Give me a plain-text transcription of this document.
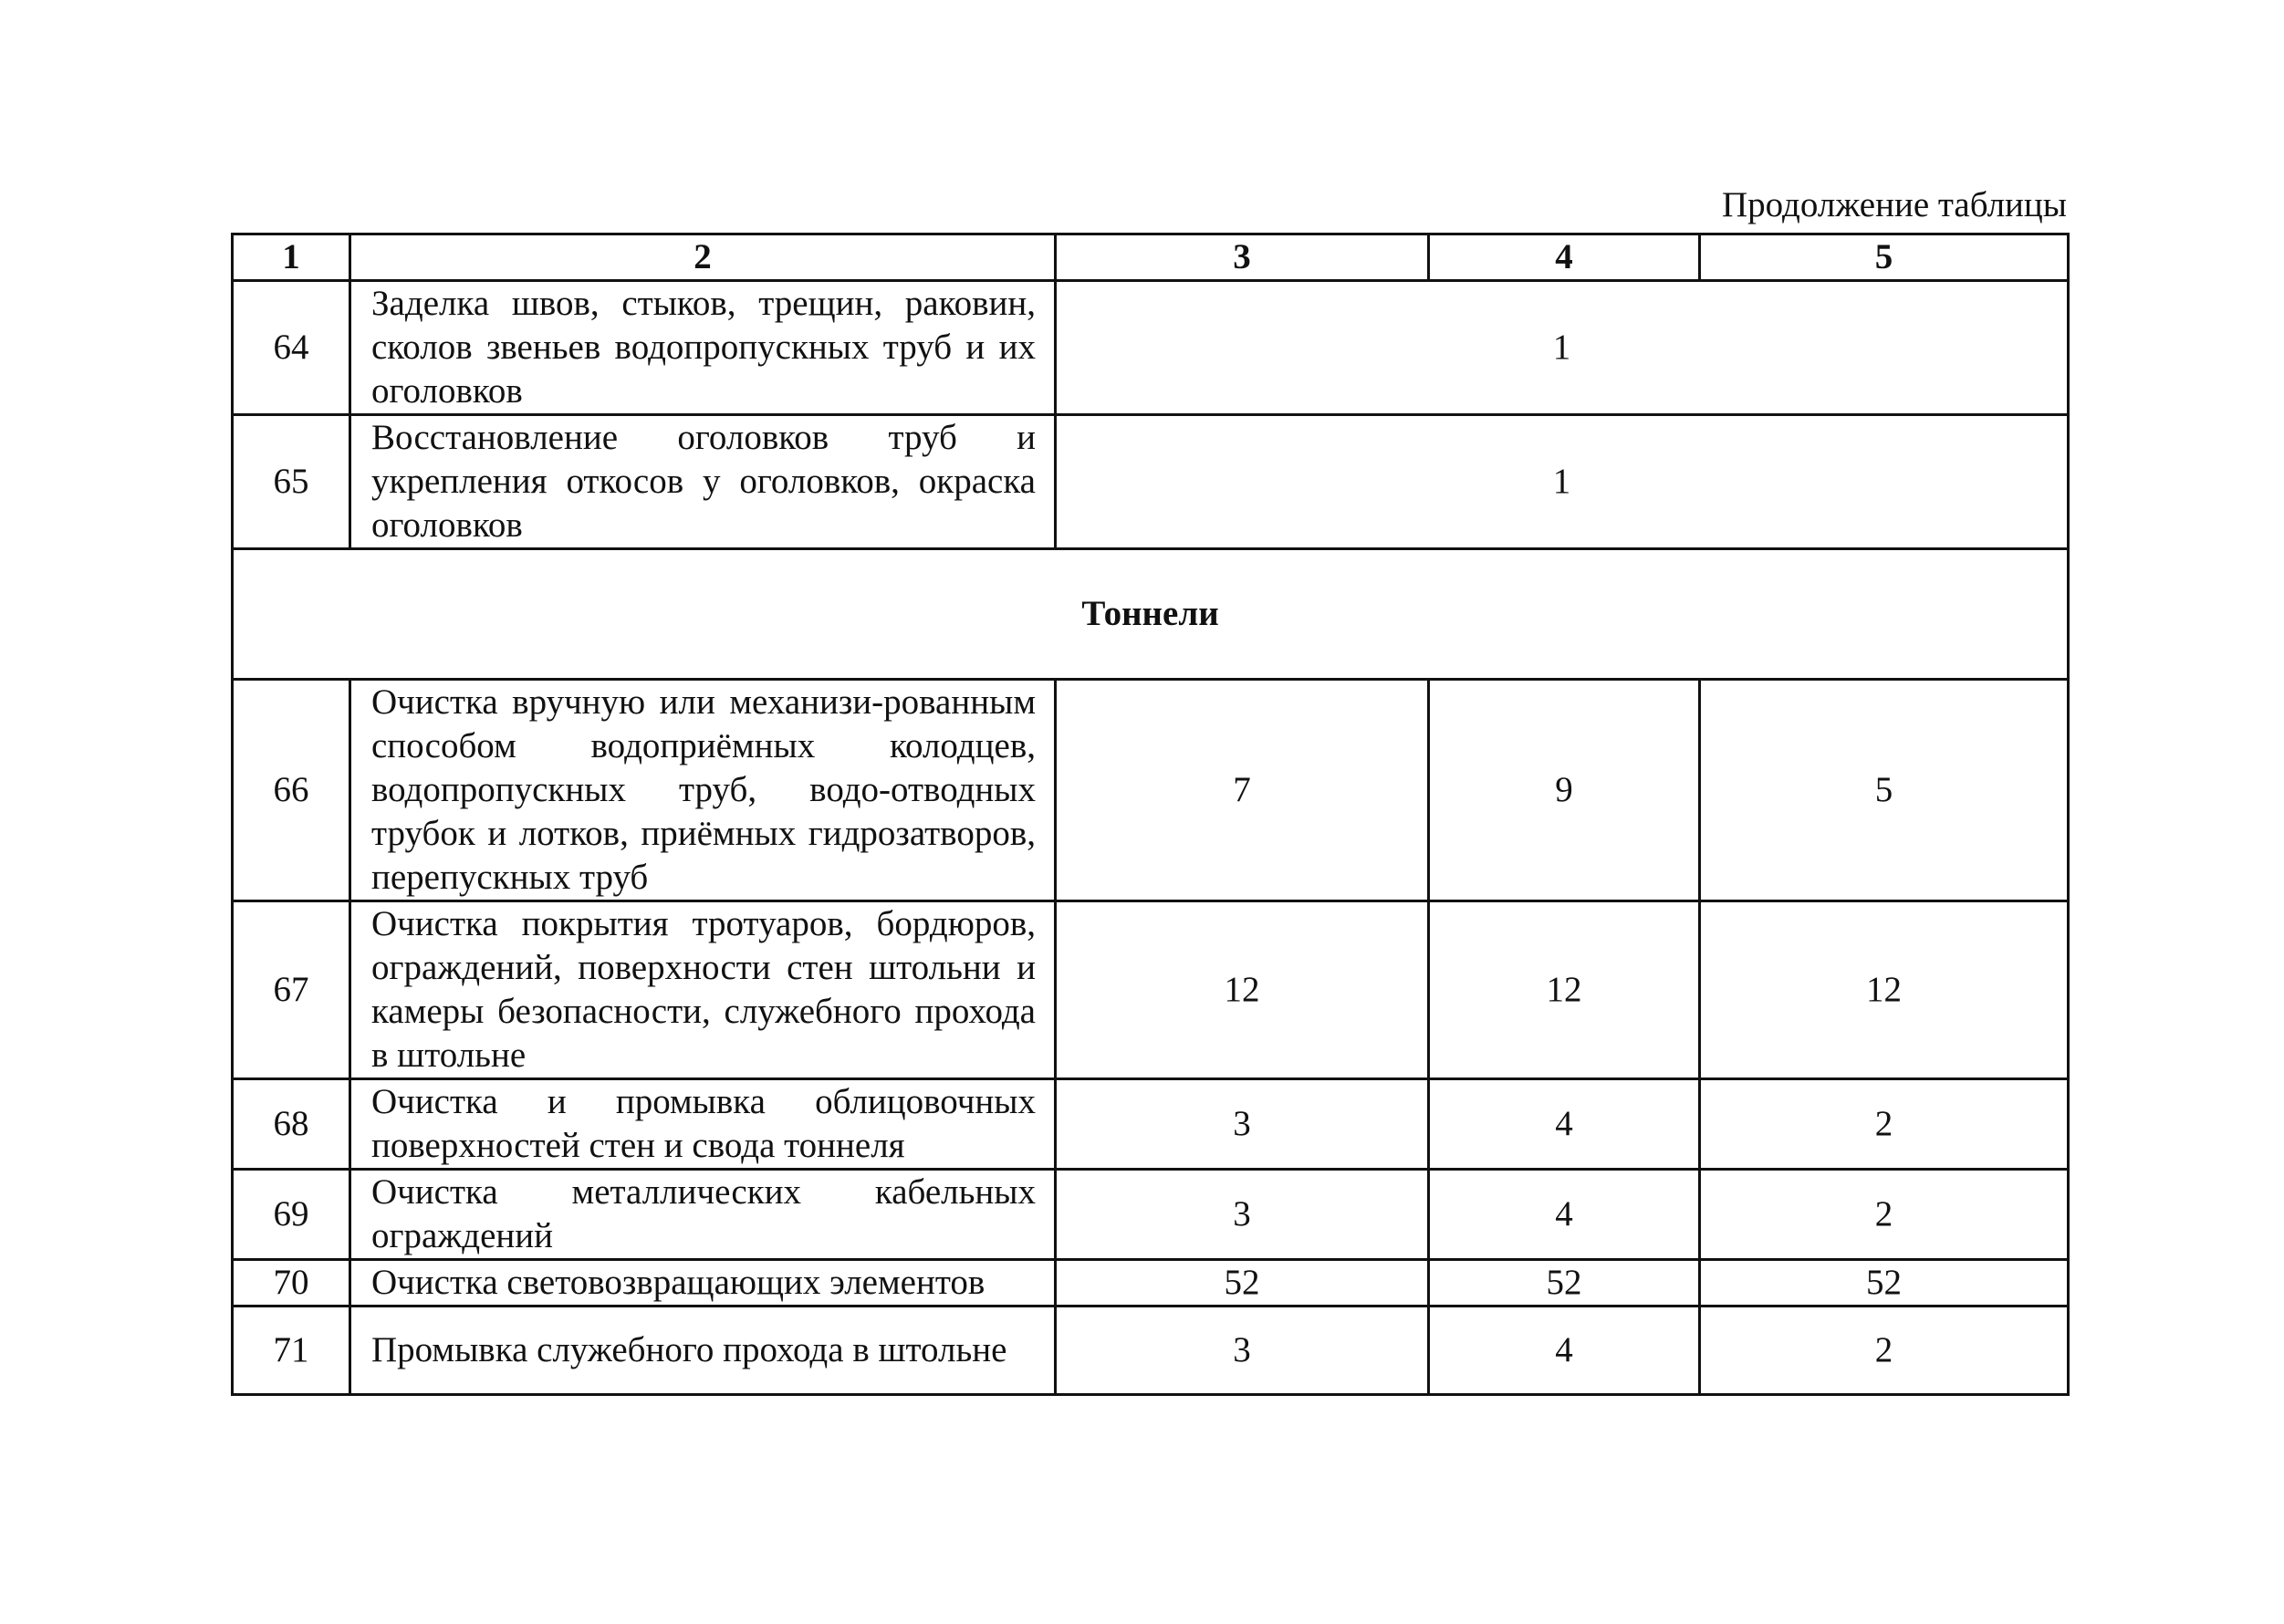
Продолжение таблицы
1	2	3	4	5
64	Заделка швов, стыков, трещин, раковин, сколов звеньев водопропускных труб и их оголовков	1		
65	Восстановление оголовков труб и укрепления откосов у оголовков, окраска оголовков	1		
Тоннели				
66	Очистка вручную или механизи-рованным способом водоприёмных колодцев, водопропускных труб, водо-отводных трубок и лотков, приёмных гидрозатворов, перепускных труб	7	9	5
67	Очистка покрытия тротуаров, бордюров, ограждений, поверхности стен штольни и камеры безопасности, служебного прохода в штольне	12	12	12
68	Очистка и промывка облицовочных поверхностей стен и свода тоннеля	3	4	2
69	Очистка металлических кабельных ограждений	3	4	2
70	Очистка световозвращающих элементов	52	52	52
71	Промывка служебного прохода в штольне	3	4	2
